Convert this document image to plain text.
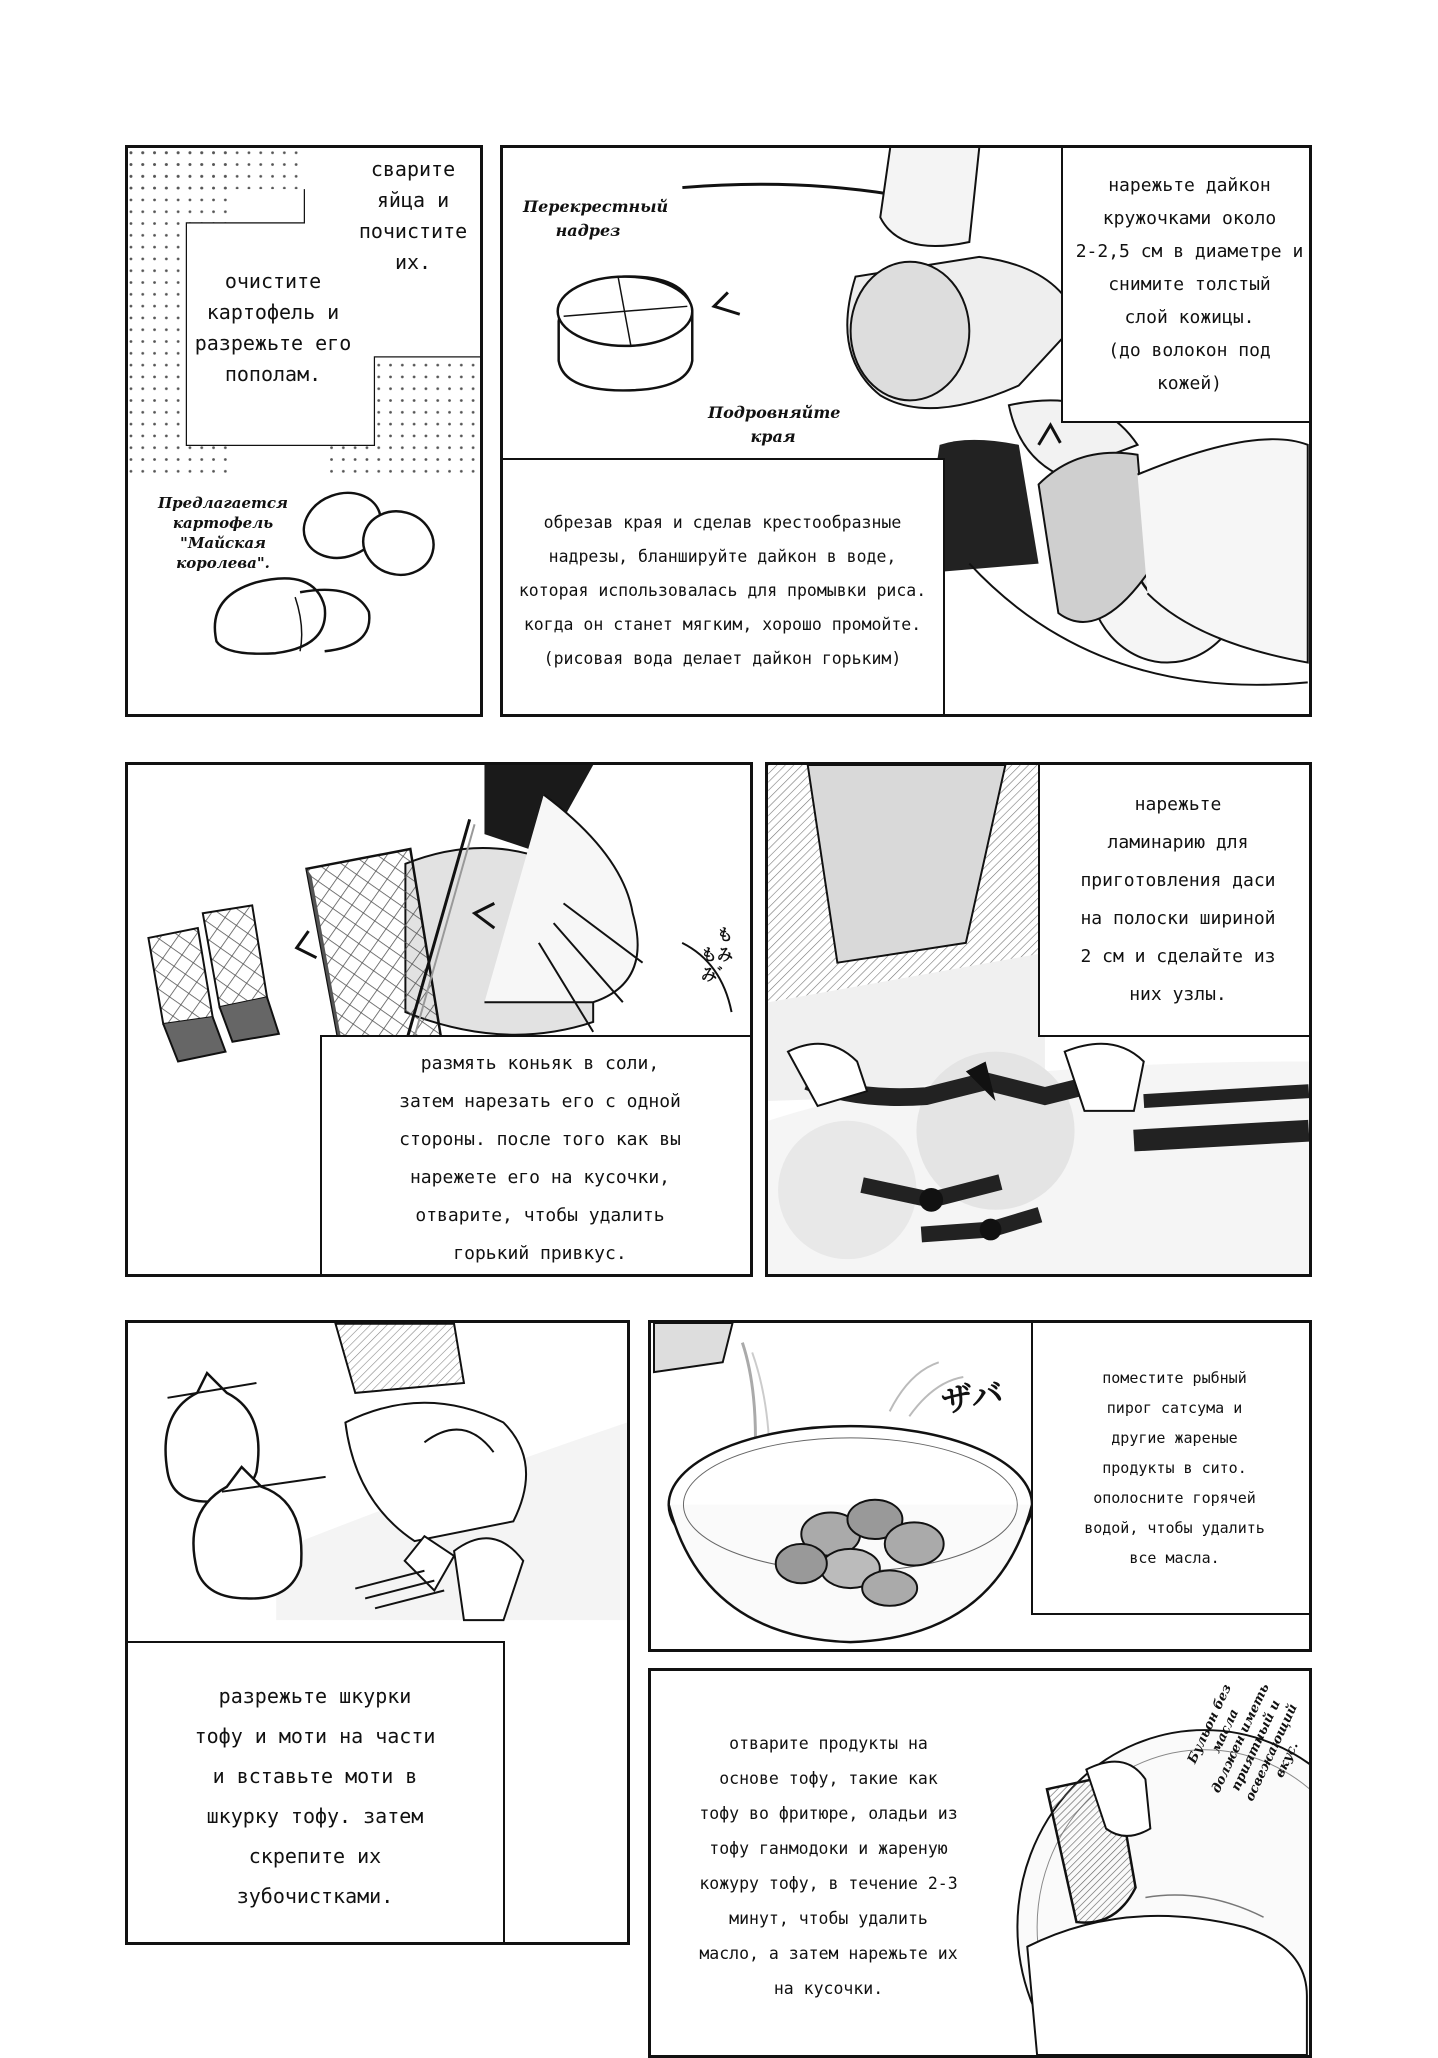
сварите
яйца и
почистите
их.
очистите
картофель и
разрежьте его
пополам.
Предлагается
картофель
"Майская
королева".
Перекрестный
надрез
Подровняйте
края
нарежьте дайкон
кружочками около
2-2,5 см в диаметре и
снимите толстый
слой кожицы.
(до волокон под
кожей)
обрезав края и сделав крестообразные
надрезы, бланшируйте дайкон в воде,
которая использовалась для промывки риса.
когда он станет мягким, хорошо промойте.
(рисовая вода делает дайкон горьким)
も
もみ
み゛
размять коньяк в соли,
затем нарезать его с одной
стороны. после того как вы
нарежете его на кусочки,
отварите, чтобы удалить
горький привкус.
нарежьте
ламинарию для
приготовления даси
на полоски шириной
2 см и сделайте из
них узлы.
разрежьте шкурки
тофу и моти на части
и вставьте моти в
шкурку тофу. затем
скрепите их
зубочистками.
ザバ	поместите рыбный
пирог сатсума и
другие жареные
продукты в сито.
ополосните горячей
водой, чтобы удалить
все масла.
Бульон без масла
должен иметь
приятный и
освежающий вкус.
отварите продукты на
основе тофу, такие как
тофу во фритюре, оладьи из
тофу ганмодоки и жареную
кожуру тофу, в течение 2-3
минут, чтобы удалить
масло, а затем нарежьте их
на кусочки.
